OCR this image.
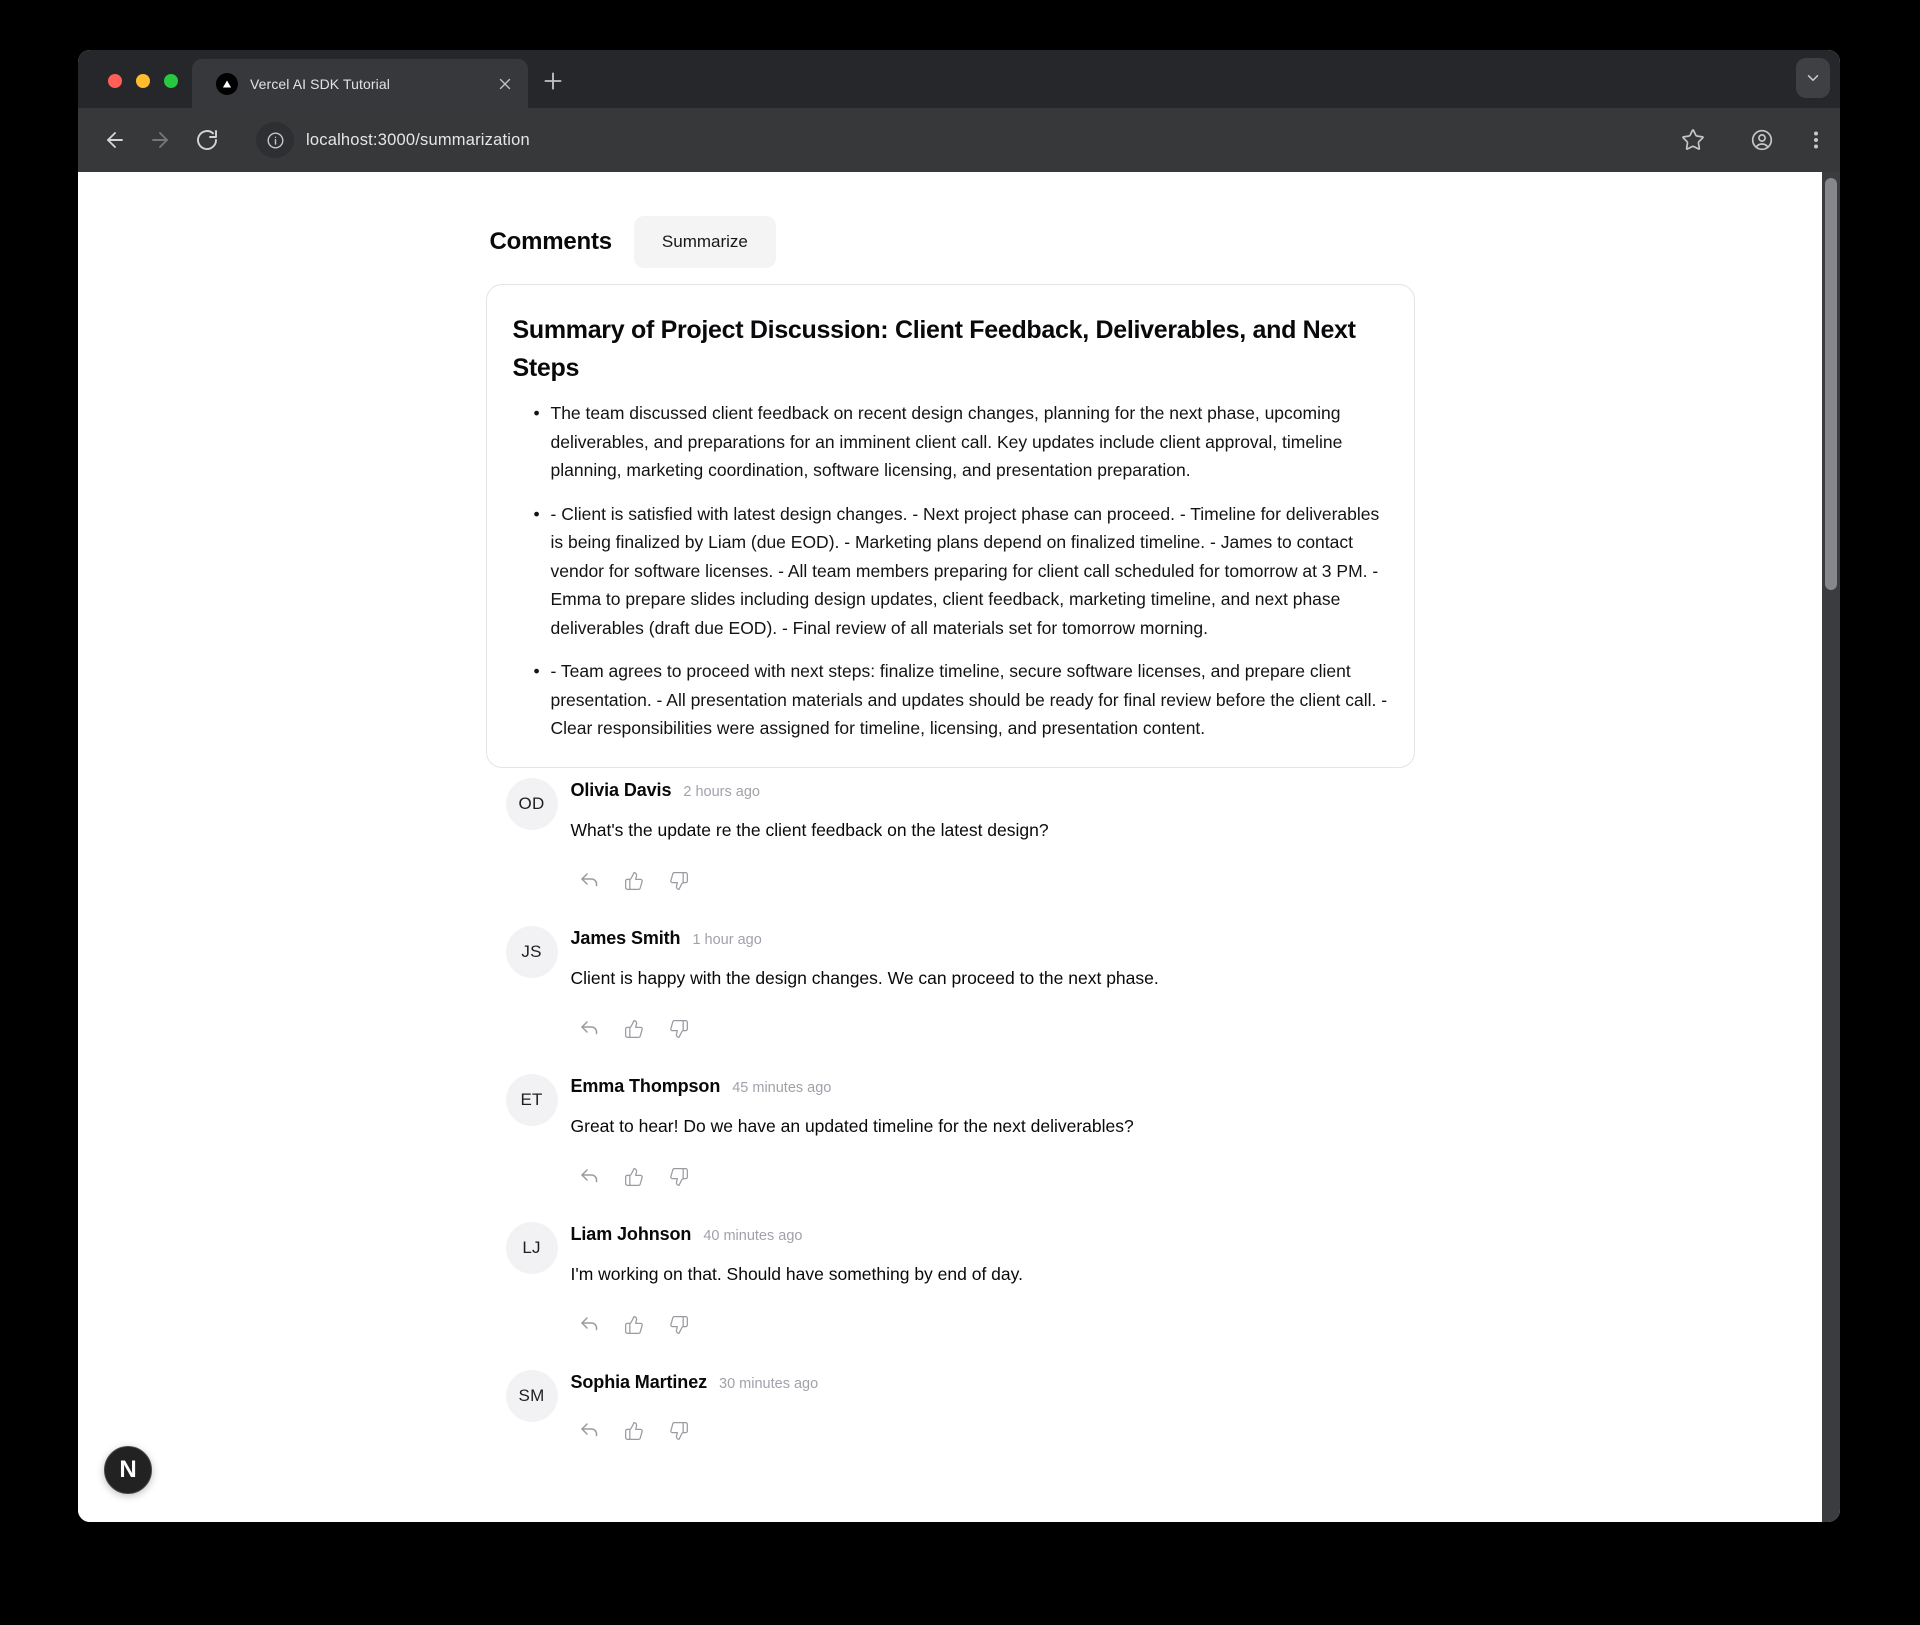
Vercel AI SDK Tutorial
localhost:3000/summarization
Comments	Summarize
Summary of Project Discussion: Client Feedback, Deliverables, and Next Steps
• The team discussed client feedback on recent design changes, planning for the next phase, upcoming deliverables, and preparations for an imminent client call. Key updates include client approval, timeline planning, marketing coordination, software licensing, and presentation preparation.
• - Client is satisfied with latest design changes. - Next project phase can proceed. - Timeline for deliverables is being finalized by Liam (due EOD). - Marketing plans depend on finalized timeline. - James to contact vendor for software licenses. - All team members preparing for client call scheduled for tomorrow at 3 PM. - Emma to prepare slides including design updates, client feedback, marketing timeline, and next phase deliverables (draft due EOD). - Final review of all materials set for tomorrow morning.
• - Team agrees to proceed with next steps: finalize timeline, secure software licenses, and prepare client presentation. - All presentation materials and updates should be ready for final review before the client call. - Clear responsibilities were assigned for timeline, licensing, and presentation content.
OD
Olivia Davis 2 hours ago
What's the update re the client feedback on the latest design?
JS
James Smith 1 hour ago
Client is happy with the design changes. We can proceed to the next phase.
ET
Emma Thompson 45 minutes ago
Great to hear! Do we have an updated timeline for the next deliverables?
LJ
Liam Johnson 40 minutes ago
I'm working on that. Should have something by end of day.
SM
Sophia Martinez 30 minutes ago
N
